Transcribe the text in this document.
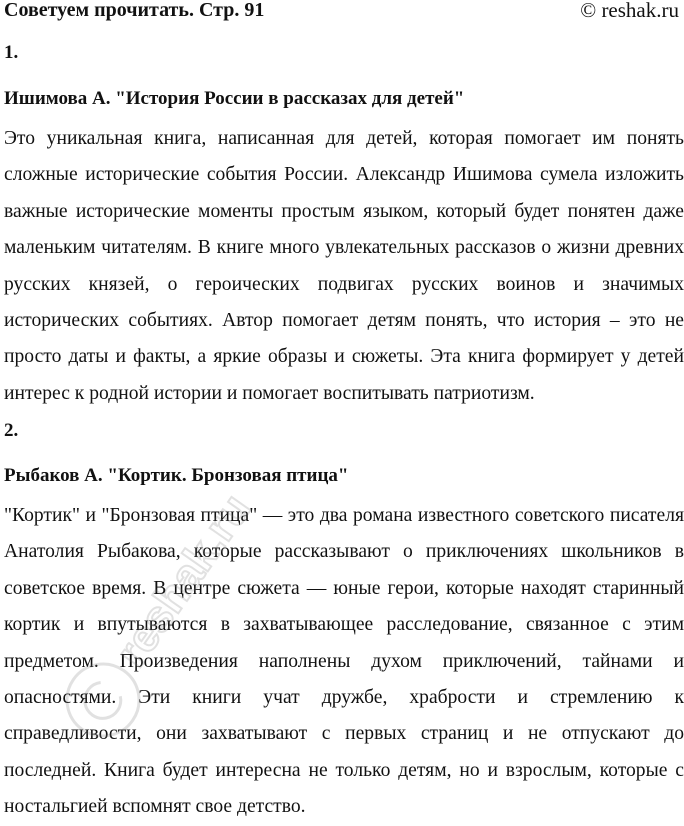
Советуем прочитать. Стр. 91	© reshak.ru
1.
Ишимова А. "История России в рассказах для детей"
Это уникальная книга, написанная для детей, которая помогает им понять сложные исторические события России. Александр Ишимова сумела изложить важные исторические моменты простым языком, который будет понятен даже маленьким читателям. В книге много увлекательных рассказов о жизни древних русских князей, о героических подвигах русских воинов и значимых исторических событиях. Автор помогает детям понять, что история – это не просто даты и факты, а яркие образы и сюжеты. Эта книга формирует у детей интерес к родной истории и помогает воспитывать патриотизм.
2.
Рыбаков А. "Кортик. Бронзовая птица"
"Кортик" и "Бронзовая птица" — это два романа известного советского писателя Анатолия Рыбакова, которые рассказывают о приключениях школьников в советское время. В центре сюжета — юные герои, которые находят старинный кортик и впутываются в захватывающее расследование, связанное с этим предметом. Произведения наполнены духом приключений, тайнами и опасностями. Эти книги учат дружбе, храбрости и стремлению к справедливости, они захватывают с первых страниц и не отпускают до последней. Книга будет интересна не только детям, но и взрослым, которые с ностальгией вспомнят свое детство.
reshak.ru
